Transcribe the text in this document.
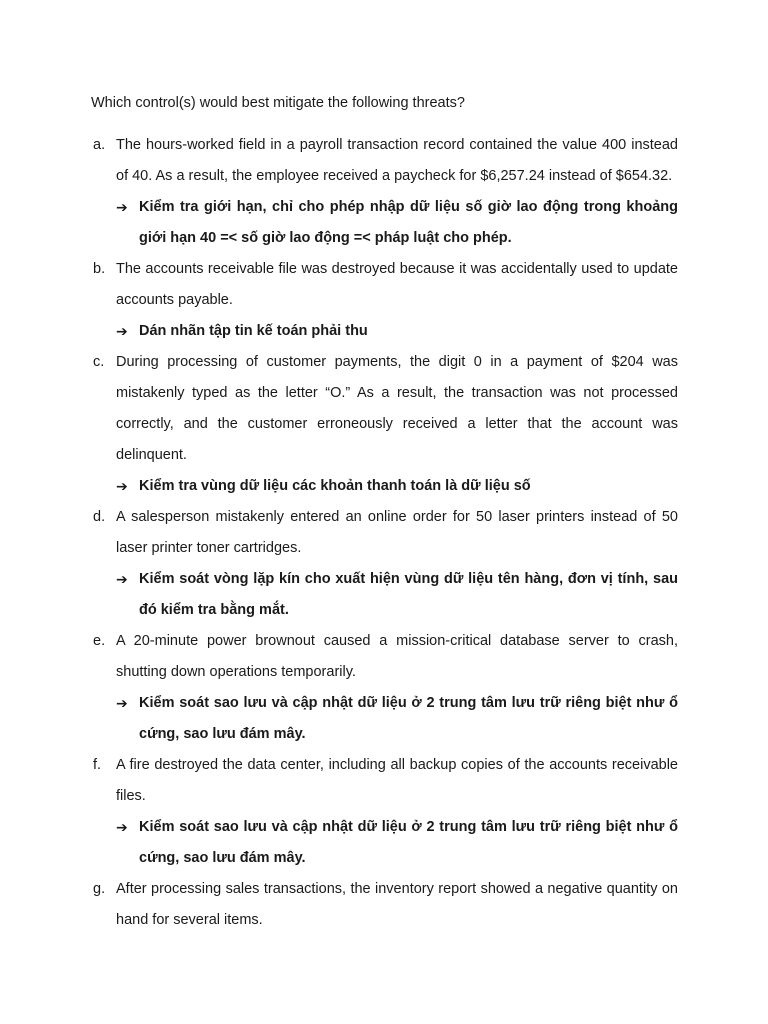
Which control(s) would best mitigate the following threats?

a. The hours-worked field in a payroll transaction record contained the value 400 instead of 40. As a result, the employee received a paycheck for $6,257.24 instead of $654.32.
➔ Kiểm tra giới hạn, chỉ cho phép nhập dữ liệu số giờ lao động trong khoảng giới hạn 40 =< số giờ lao động =< pháp luật cho phép.
b. The accounts receivable file was destroyed because it was accidentally used to update accounts payable.
➔ Dán nhãn tập tin kế toán phải thu
c. During processing of customer payments, the digit 0 in a payment of $204 was mistakenly typed as the letter “O.” As a result, the transaction was not processed correctly, and the customer erroneously received a letter that the account was delinquent.
➔ Kiểm tra vùng dữ liệu các khoản thanh toán là dữ liệu số
d. A salesperson mistakenly entered an online order for 50 laser printers instead of 50 laser printer toner cartridges.
➔ Kiểm soát vòng lặp kín cho xuất hiện vùng dữ liệu tên hàng, đơn vị tính, sau đó kiểm tra bằng mắt.
e. A 20-minute power brownout caused a mission-critical database server to crash, shutting down operations temporarily.
➔ Kiểm soát sao lưu và cập nhật dữ liệu ở 2 trung tâm lưu trữ riêng biệt như ổ cứng, sao lưu đám mây.
f. A fire destroyed the data center, including all backup copies of the accounts receivable files.
➔ Kiểm soát sao lưu và cập nhật dữ liệu ở 2 trung tâm lưu trữ riêng biệt như ổ cứng, sao lưu đám mây.
g. After processing sales transactions, the inventory report showed a negative quantity on hand for several items.
